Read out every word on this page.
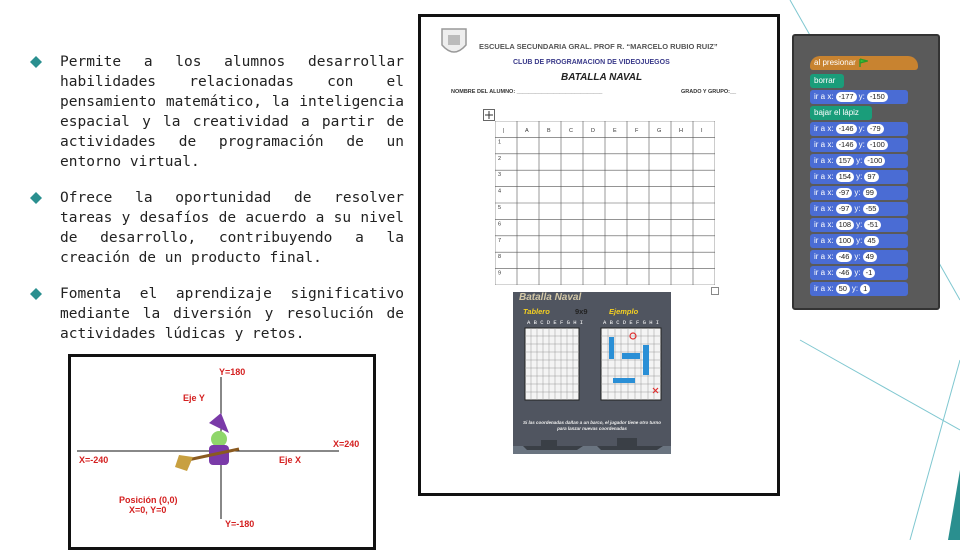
Permite a los alumnos desarrollar habilidades relacionadas con el pensamiento matemático, la inteligencia espacial y la creatividad a partir de actividades de programación de un entorno virtual.
Ofrece la oportunidad de resolver tareas y desafíos de acuerdo a su nivel de desarrollo, contribuyendo a la creación de un producto final.
Fomenta el aprendizaje significativo mediante la diversión y resolución de actividades lúdicas y retos.
Y=180
Eje Y
X=240
X=-240	Eje X
Posición (0,0)
X=0, Y=0
Y=-180
ESCUELA SECUNDARIA GRAL. PROF R. “MARCELO RUBIO RUIZ”
CLUB DE PROGRAMACION DE VIDEOJUEGOS
BATALLA NAVAL
NOMBRE DEL ALUMNO: ____________________________	GRADO Y GRUPO:__
|	A	B	C	D	E	F	G	H	I
1
2
3
4
5
6
7
8
9
Batalla Naval
Tablero	9x9	Ejemplo
A B C D E F G H I	A B C D E F G H I
Si las coordenadas dañan a un barco, el jugador tiene otro turno para lanzar nuevas coordenadas
al presionar
borrar
ir a x: -177 y: -150
bajar el lápiz
ir a x: -146 y: -79
ir a x: -146 y: -100
ir a x: 157 y: -100
ir a x: 154 y: 97
ir a x: -97 y: 99
ir a x: -97 y: -55
ir a x: 108 y: -51
ir a x: 100 y: 45
ir a x: -46 y: 49
ir a x: -46 y: -1
ir a x: 50 y: 1
